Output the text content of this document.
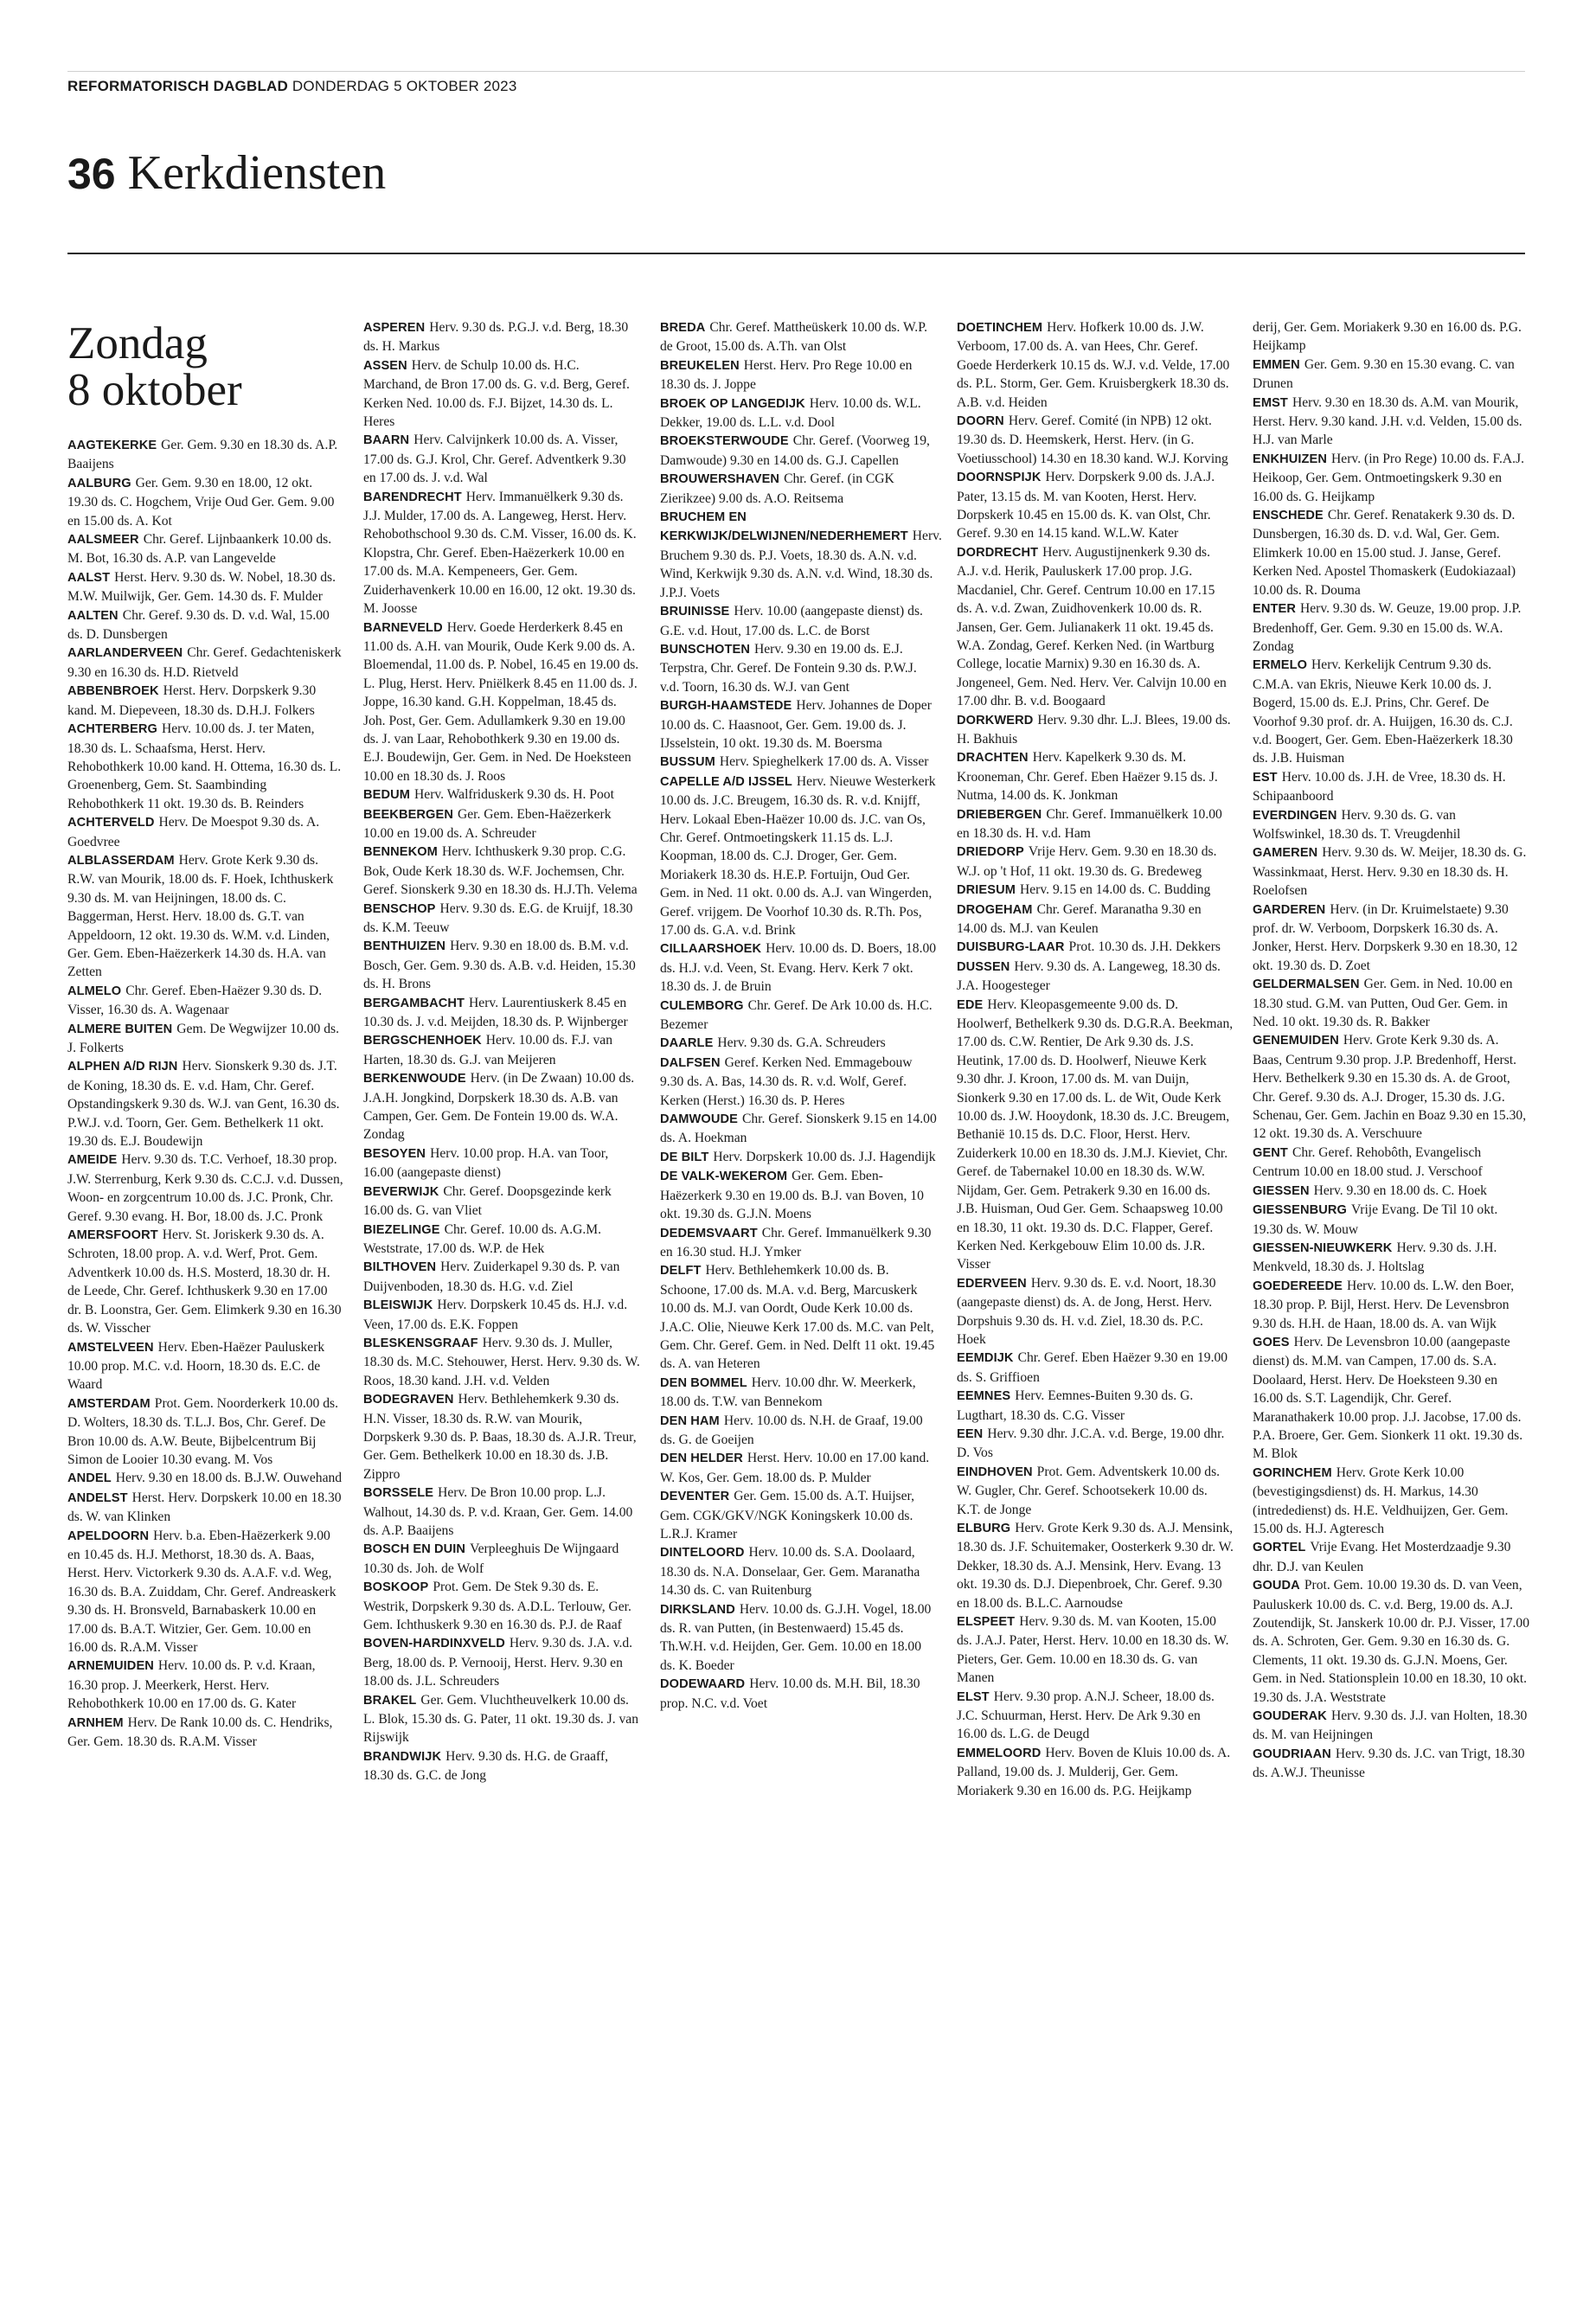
REFORMATORISCH DAGBLAD DONDERDAG 5 OKTOBER 2023
36 Kerkdiensten
Zondag
8 oktober

AAGTEKERKE Ger. Gem. 9.30 en 18.30 ds. A.P. Baaijens

AALBURG Ger. Gem. 9.30 en 18.00, 12 okt. 19.30 ds. C. Hogchem, Vrije Oud Ger. Gem. 9.00 en 15.00 ds. A. Kot

AALSMEER Chr. Geref. Lijnbaankerk 10.00 ds. M. Bot, 16.30 ds. A.P. van Langevelde

AALST Herst. Herv. 9.30 ds. W. Nobel, 18.30 ds. M.W. Muilwijk, Ger. Gem. 14.30 ds. F. Mulder

AALTEN Chr. Geref. 9.30 ds. D. v.d. Wal, 15.00 ds. D. Dunsbergen

AARLANDERVEEN Chr. Geref. Gedachteniskerk 9.30 en 16.30 ds. H.D. Rietveld

ABBENBROEK Herst. Herv. Dorpskerk 9.30 kand. M. Diepeveen, 18.30 ds. D.H.J. Folkers

ACHTERBERG Herv. 10.00 ds. J. ter Maten, 18.30 ds. L. Schaafsma, Herst. Herv. Rehobothkerk 10.00 kand. H. Ottema, 16.30 ds. L. Groenenberg, Gem. St. Saambinding Rehobothkerk 11 okt. 19.30 ds. B. Reinders

ACHTERVELD Herv. De Moespot 9.30 ds. A. Goedvree

ALBLASSERDAM Herv. Grote Kerk 9.30 ds. R.W. van Mourik, 18.00 ds. F. Hoek, Ichthuskerk 9.30 ds. M. van Heijningen, 18.00 ds. C. Baggerman, Herst. Herv. 18.00 ds. G.T. van Appeldoorn, 12 okt. 19.30 ds. W.M. v.d. Linden, Ger. Gem. Eben-Haëzerkerk 14.30 ds. H.A. van Zetten

ALMELO Chr. Geref. Eben-Haëzer 9.30 ds. D. Visser, 16.30 ds. A. Wagenaar

ALMERE BUITEN Gem. De Wegwijzer 10.00 ds. J. Folkerts

ALPHEN A/D RIJN Herv. Sionskerk 9.30 ds. J.T. de Koning, 18.30 ds. E. v.d. Ham, Chr. Geref. Opstandingskerk 9.30 ds. W.J. van Gent, 16.30 ds. P.W.J. v.d. Toorn, Ger. Gem. Bethelkerk 11 okt. 19.30 ds. E.J. Boudewijn

AMEIDE Herv. 9.30 ds. T.C. Verhoef, 18.30 prop. J.W. Sterrenburg, Kerk 9.30 ds. C.C.J. v.d. Dussen, Woon- en zorgcentrum 10.00 ds. J.C. Pronk, Chr. Geref. 9.30 evang. H. Bor, 18.00 ds. J.C. Pronk

AMERSFOORT Herv. St. Joriskerk 9.30 ds. A. Schroten, 18.00 prop. A. v.d. Werf, Prot. Gem. Adventkerk 10.00 ds. H.S. Mosterd, 18.30 dr. H. de Leede, Chr. Geref. Ichthuskerk 9.30 en 17.00 dr. B. Loonstra, Ger. Gem. Elimkerk 9.30 en 16.30 ds. W. Visscher

AMSTELVEEN Herv. Eben-Haëzer Pauluskerk 10.00 prop. M.C. v.d. Hoorn, 18.30 ds. E.C. de Waard

AMSTERDAM Prot. Gem. Noorderkerk 10.00 ds. D. Wolters, 18.30 ds. T.L.J. Bos, Chr. Geref. De Bron 10.00 ds. A.W. Beute, Bijbelcentrum Bij Simon de Looier 10.30 evang. M. Vos

ANDEL Herv. 9.30 en 18.00 ds. B.J.W. Ouwehand

ANDELST Herst. Herv. Dorpskerk 10.00 en 18.30 ds. W. van Klinken

APELDOORN Herv. b.a. Eben-Haëzerkerk 9.00 en 10.45 ds. H.J. Methorst, 18.30 ds. A. Baas, Herst. Herv. Victorkerk 9.30 ds. A.A.F. v.d. Weg, 16.30 ds. B.A. Zuiddam, Chr. Geref. Andreaskerk 9.30 ds. H. Bronsveld, Barnabaskerk 10.00 en 17.00 ds. B.A.T. Witzier, Ger. Gem. 10.00 en 16.00 ds. R.A.M. Visser

ARNEMUIDEN Herv. 10.00 ds. P. v.d. Kraan, 16.30 prop. J. Meerkerk, Herst. Herv. Rehobothkerk 10.00 en 17.00 ds. G. Kater

ARNHEM Herv. De Rank 10.00 ds. C. Hendriks, Ger. Gem. 18.30 ds. R.A.M. Visser

ASPEREN Herv. 9.30 ds. P.G.J. v.d. Berg, 18.30 ds. H. Markus

ASSEN Herv. de Schulp 10.00 ds. H.C. Marchand, de Bron 17.00 ds. G. v.d. Berg, Geref. Kerken Ned. 10.00 ds. F.J. Bijzet, 14.30 ds. L. Heres

BAARN Herv. Calvijnkerk 10.00 ds. A. Visser, 17.00 ds. G.J. Krol, Chr. Geref. Adventkerk 9.30 en 17.00 ds. J. v.d. Wal

BARENDRECHT Herv. Immanuëlkerk 9.30 ds. J.J. Mulder, 17.00 ds. A. Langeweg, Herst. Herv. Rehobothschool 9.30 ds. C.M. Visser, 16.00 ds. K. Klopstra, Chr. Geref. Eben-Haëzerkerk 10.00 en 17.00 ds. M.A. Kempeneers, Ger. Gem. Zuiderhavenkerk 10.00 en 16.00, 12 okt. 19.30 ds. M. Joosse

BARNEVELD Herv. Goede Herderkerk 8.45 en 11.00 ds. A.H. van Mourik, Oude Kerk 9.00 ds. A. Bloemendal, 11.00 ds. P. Nobel, 16.45 en 19.00 ds. L. Plug, Herst. Herv. Pniëlkerk 8.45 en 11.00 ds. J. Joppe, 16.30 kand. G.H. Koppelman, 18.45 ds. Joh. Post, Ger. Gem. Adullamkerk 9.30 en 19.00 ds. J. van Laar, Rehobothkerk 9.30 en 19.00 ds. E.J. Boudewijn, Ger. Gem. in Ned. De Hoeksteen 10.00 en 18.30 ds. J. Roos

BEDUM Herv. Walfriduskerk 9.30 ds. H. Poot

BEEKBERGEN Ger. Gem. Eben-Haëzerkerk 10.00 en 19.00 ds. A. Schreuder

BENNEKOM Herv. Ichthuskerk 9.30 prop. C.G. Bok, Oude Kerk 18.30 ds. W.F. Jochemsen, Chr. Geref. Sionskerk 9.30 en 18.30 ds. H.J.Th. Velema

BENSCHOP Herv. 9.30 ds. E.G. de Kruijf, 18.30 ds. K.M. Teeuw

BENTHUIZEN Herv. 9.30 en 18.00 ds. B.M. v.d. Bosch, Ger. Gem. 9.30 ds. A.B. v.d. Heiden, 15.30 ds. H. Brons

BERGAMBACHT Herv. Laurentiuskerk 8.45 en 10.30 ds. J. v.d. Meijden, 18.30 ds. P. Wijnberger

BERGSCHENHOEK Herv. 10.00 ds. F.J. van Harten, 18.30 ds. G.J. van Meijeren

BERKENWOUDE Herv. (in De Zwaan) 10.00 ds. J.A.H. Jongkind, Dorpskerk 18.30 ds. A.B. van Campen, Ger. Gem. De Fontein 19.00 ds. W.A. Zondag

BESOYEN Herv. 10.00 prop. H.A. van Toor, 16.00 (aangepaste dienst)

BEVERWIJK Chr. Geref. Doopsgezinde kerk 16.00 ds. G. van Vliet

BIEZELINGE Chr. Geref. 10.00 ds. A.G.M. Weststrate, 17.00 ds. W.P. de Hek

BILTHOVEN Herv. Zuiderkapel 9.30 ds. P. van Duijvenboden, 18.30 ds. H.G. v.d. Ziel

BLEISWIJK Herv. Dorpskerk 10.45 ds. H.J. v.d. Veen, 17.00 ds. E.K. Foppen

BLESKENSGRAAF Herv. 9.30 ds. J. Muller, 18.30 ds. M.C. Stehouwer, Herst. Herv. 9.30 ds. W. Roos, 18.30 kand. J.H. v.d. Velden

BODEGRAVEN Herv. Bethlehemkerk 9.30 ds. H.N. Visser, 18.30 ds. R.W. van Mourik, Dorpskerk 9.30 ds. P. Baas, 18.30 ds. A.J.R. Treur, Ger. Gem. Bethelkerk 10.00 en 18.30 ds. J.B. Zippro

BORSSELE Herv. De Bron 10.00 prop. L.J. Walhout, 14.30 ds. P. v.d. Kraan, Ger. Gem. 14.00 ds. A.P. Baaijens

BOSCH EN DUIN Verpleeghuis De Wijngaard 10.30 ds. Joh. de Wolf

BOSKOOP Prot. Gem. De Stek 9.30 ds. E. Westrik, Dorpskerk 9.30 ds. A.D.L. Terlouw, Ger. Gem. Ichthuskerk 9.30 en 16.30 ds. P.J. de Raaf

BOVEN-HARDINXVELD Herv. 9.30 ds. J.A. v.d. Berg, 18.00 ds. P. Vernooij, Herst. Herv. 9.30 en 18.00 ds. J.L. Schreuders

BRAKEL Ger. Gem. Vluchtheuvelkerk 10.00 ds. L. Blok, 15.30 ds. G. Pater, 11 okt. 19.30 ds. J. van Rijswijk

BRANDWIJK Herv. 9.30 ds. H.G. de Graaff, 18.30 ds. G.C. de Jong

BREDA Chr. Geref. Mattheüskerk 10.00 ds. W.P. de Groot, 15.00 ds. A.Th. van Olst

BREUKELEN Herst. Herv. Pro Rege 10.00 en 18.30 ds. J. Joppe

BROEK OP LANGEDIJK Herv. 10.00 ds. W.L. Dekker, 19.00 ds. L.L. v.d. Dool

BROEKSTERWOUDE Chr. Geref. (Voorweg 19, Damwoude) 9.30 en 14.00 ds. G.J. Capellen

BROUWERSHAVEN Chr. Geref. (in CGK Zierikzee) 9.00 ds. A.O. Reitsema

BRUCHEM EN KERKWIJK/DELWIJNEN/NEDERHEMERT Herv. Bruchem 9.30 ds. P.J. Voets, 18.30 ds. A.N. v.d. Wind, Kerkwijk 9.30 ds. A.N. v.d. Wind, 18.30 ds. J.P.J. Voets

BRUINISSE Herv. 10.00 (aangepaste dienst) ds. G.E. v.d. Hout, 17.00 ds. L.C. de Borst

BUNSCHOTEN Herv. 9.30 en 19.00 ds. E.J. Terpstra, Chr. Geref. De Fontein 9.30 ds. P.W.J. v.d. Toorn, 16.30 ds. W.J. van Gent

BURGH-HAAMSTEDE Herv. Johannes de Doper 10.00 ds. C. Haasnoot, Ger. Gem. 19.00 ds. J. IJsselstein, 10 okt. 19.30 ds. M. Boersma

BUSSUM Herv. Spieghelkerk 17.00 ds. A. Visser

CAPELLE A/D IJSSEL Herv. Nieuwe Westerkerk 10.00 ds. J.C. Breugem, 16.30 ds. R. v.d. Knijff, Herv. Lokaal Eben-Haëzer 10.00 ds. J.C. van Os, Chr. Geref. Ontmoetingskerk 11.15 ds. L.J. Koopman, 18.00 ds. C.J. Droger, Ger. Gem. Moriakerk 18.30 ds. H.E.P. Fortuijn, Oud Ger. Gem. in Ned. 11 okt. 0.00 ds. A.J. van Wingerden, Geref. vrijgem. De Voorhof 10.30 ds. R.Th. Pos, 17.00 ds. G.A. v.d. Brink

CILLAARSHOEK Herv. 10.00 ds. D. Boers, 18.00 ds. H.J. v.d. Veen, St. Evang. Herv. Kerk 7 okt. 18.30 ds. J. de Bruin

CULEMBORG Chr. Geref. De Ark 10.00 ds. H.C. Bezemer

DAARLE Herv. 9.30 ds. G.A. Schreuders

DALFSEN Geref. Kerken Ned. Emmagebouw 9.30 ds. A. Bas, 14.30 ds. R. v.d. Wolf, Geref. Kerken (Herst.) 16.30 ds. P. Heres

DAMWOUDE Chr. Geref. Sionskerk 9.15 en 14.00 ds. A. Hoekman

DE BILT Herv. Dorpskerk 10.00 ds. J.J. Hagendijk

DE VALK-WEKEROM Ger. Gem. Eben-Haëzerkerk 9.30 en 19.00 ds. B.J. van Boven, 10 okt. 19.30 ds. G.J.N. Moens

DEDEMSVAART Chr. Geref. Immanuëlkerk 9.30 en 16.30 stud. H.J. Ymker

DELFT Herv. Bethlehemkerk 10.00 ds. B. Schoone, 17.00 ds. M.A. v.d. Berg, Marcuskerk 10.00 ds. M.J. van Oordt, Oude Kerk 10.00 ds. J.A.C. Olie, Nieuwe Kerk 17.00 ds. M.C. van Pelt, Gem. Chr. Geref. Gem. in Ned. Delft 11 okt. 19.45 ds. A. van Heteren

DEN BOMMEL Herv. 10.00 dhr. W. Meerkerk, 18.00 ds. T.W. van Bennekom

DEN HAM Herv. 10.00 ds. N.H. de Graaf, 19.00 ds. G. de Goeijen

DEN HELDER Herst. Herv. 10.00 en 17.00 kand. W. Kos, Ger. Gem. 18.00 ds. P. Mulder

DEVENTER Ger. Gem. 15.00 ds. A.T. Huijser, Gem. CGK/GKV/NGK Koningskerk 10.00 ds. L.R.J. Kramer

DINTELOORD Herv. 10.00 ds. S.A. Doolaard, 18.30 ds. N.A. Donselaar, Ger. Gem. Maranatha 14.30 ds. C. van Ruitenburg

DIRKSLAND Herv. 10.00 ds. G.J.H. Vogel, 18.00 ds. R. van Putten, (in Bestenwaerd) 15.45 ds. Th.W.H. v.d. Heijden, Ger. Gem. 10.00 en 18.00 ds. K. Boeder

DODEWAARD Herv. 10.00 ds. M.H. Bil, 18.30 prop. N.C. v.d. Voet

DOETINCHEM Herv. Hofkerk 10.00 ds. J.W. Verboom, 17.00 ds. A. van Hees, Chr. Geref. Goede Herderkerk 10.15 ds. W.J. v.d. Velde, 17.00 ds. P.L. Storm, Ger. Gem. Kruisbergkerk 18.30 ds. A.B. v.d. Heiden

DOORN Herv. Geref. Comité (in NPB) 12 okt. 19.30 ds. D. Heemskerk, Herst. Herv. (in G. Voetiusschool) 14.30 en 18.30 kand. W.J. Korving

DOORNSPIJK Herv. Dorpskerk 9.00 ds. J.A.J. Pater, 13.15 ds. M. van Kooten, Herst. Herv. Dorpskerk 10.45 en 15.00 ds. K. van Olst, Chr. Geref. 9.30 en 14.15 kand. W.L.W. Kater

DORDRECHT Herv. Augustijnenkerk 9.30 ds. A.J. v.d. Herik, Pauluskerk 17.00 prop. J.G. Macdaniel, Chr. Geref. Centrum 10.00 en 17.15 ds. A. v.d. Zwan, Zuidhovenkerk 10.00 ds. R. Jansen, Ger. Gem. Julianakerk 11 okt. 19.45 ds. W.A. Zondag, Geref. Kerken Ned. (in Wartburg College, locatie Marnix) 9.30 en 16.30 ds. A. Jongeneel, Gem. Ned. Herv. Ver. Calvijn 10.00 en 17.00 dhr. B. v.d. Boogaard

DORKWERD Herv. 9.30 dhr. L.J. Blees, 19.00 ds. H. Bakhuis

DRACHTEN Herv. Kapelkerk 9.30 ds. M. Krooneman, Chr. Geref. Eben Haëzer 9.15 ds. J. Nutma, 14.00 ds. K. Jonkman

DRIEBERGEN Chr. Geref. Immanuëlkerk 10.00 en 18.30 ds. H. v.d. Ham

DRIEDORP Vrije Herv. Gem. 9.30 en 18.30 ds. W.J. op 't Hof, 11 okt. 19.30 ds. G. Bredeweg

DRIESUM Herv. 9.15 en 14.00 ds. C. Budding

DROGEHAM Chr. Geref. Maranatha 9.30 en 14.00 ds. M.J. van Keulen

DUISBURG-LAAR Prot. 10.30 ds. J.H. Dekkers

DUSSEN Herv. 9.30 ds. A. Langeweg, 18.30 ds. J.A. Hoogesteger

EDE Herv. Kleopasgemeente 9.00 ds. D. Hoolwerf, Bethelkerk 9.30 ds. D.G.R.A. Beekman, 17.00 ds. C.W. Rentier, De Ark 9.30 ds. J.S. Heutink, 17.00 ds. D. Hoolwerf, Nieuwe Kerk 9.30 dhr. J. Kroon, 17.00 ds. M. van Duijn, Sionkerk 9.30 en 17.00 ds. L. de Wit, Oude Kerk 10.00 ds. J.W. Hooydonk, 18.30 ds. J.C. Breugem, Bethanië 10.15 ds. D.C. Floor, Herst. Herv. Zuiderkerk 10.00 en 18.30 ds. J.M.J. Kieviet, Chr. Geref. de Tabernakel 10.00 en 18.30 ds. W.W. Nijdam, Ger. Gem. Petrakerk 9.30 en 16.00 ds. J.B. Huisman, Oud Ger. Gem. Schaapsweg 10.00 en 18.30, 11 okt. 19.30 ds. D.C. Flapper, Geref. Kerken Ned. Kerkgebouw Elim 10.00 ds. J.R. Visser

EDERVEEN Herv. 9.30 ds. E. v.d. Noort, 18.30 (aangepaste dienst) ds. A. de Jong, Herst. Herv. Dorpshuis 9.30 ds. H. v.d. Ziel, 18.30 ds. P.C. Hoek

EEMDIJK Chr. Geref. Eben Haëzer 9.30 en 19.00 ds. S. Griffioen

EEMNES Herv. Eemnes-Buiten 9.30 ds. G. Lugthart, 18.30 ds. C.G. Visser

EEN Herv. 9.30 dhr. J.C.A. v.d. Berge, 19.00 dhr. D. Vos

EINDHOVEN Prot. Gem. Adventskerk 10.00 ds. W. Gugler, Chr. Geref. Schootsekerk 10.00 ds. K.T. de Jonge

ELBURG Herv. Grote Kerk 9.30 ds. A.J. Mensink, 18.30 ds. J.F. Schuitemaker, Oosterkerk 9.30 dr. W. Dekker, 18.30 ds. A.J. Mensink, Herv. Evang. 13 okt. 19.30 ds. D.J. Diepenbroek, Chr. Geref. 9.30 en 18.00 ds. B.L.C. Aarnoudse

ELSPEET Herv. 9.30 ds. M. van Kooten, 15.00 ds. J.A.J. Pater, Herst. Herv. 10.00 en 18.30 ds. W. Pieters, Ger. Gem. 10.00 en 18.30 ds. G. van Manen

ELST Herv. 9.30 prop. A.N.J. Scheer, 18.00 ds. J.C. Schuurman, Herst. Herv. De Ark 9.30 en 16.00 ds. L.G. de Deugd

EMMELOORD Herv. Boven de Kluis 10.00 ds. A. Palland, 19.00 ds. J. Mulderij, Ger. Gem. Moriakerk 9.30 en 16.00 ds. P.G. Heijkamp

derij, Ger. Gem. Moriakerk 9.30 en 16.00 ds. P.G. Heijkamp

EMMEN Ger. Gem. 9.30 en 15.30 evang. C. van Drunen

EMST Herv. 9.30 en 18.30 ds. A.M. van Mourik, Herst. Herv. 9.30 kand. J.H. v.d. Velden, 15.00 ds. H.J. van Marle

ENKHUIZEN Herv. (in Pro Rege) 10.00 ds. F.A.J. Heikoop, Ger. Gem. Ontmoetingskerk 9.30 en 16.00 ds. G. Heijkamp

ENSCHEDE Chr. Geref. Renatakerk 9.30 ds. D. Dunsbergen, 16.30 ds. D. v.d. Wal, Ger. Gem. Elimkerk 10.00 en 15.00 stud. J. Janse, Geref. Kerken Ned. Apostel Thomaskerk (Eudokiazaal) 10.00 ds. R. Douma

ENTER Herv. 9.30 ds. W. Geuze, 19.00 prop. J.P. Bredenhoff, Ger. Gem. 9.30 en 15.00 ds. W.A. Zondag

ERMELO Herv. Kerkelijk Centrum 9.30 ds. C.M.A. van Ekris, Nieuwe Kerk 10.00 ds. J. Bogerd, 15.00 ds. E.J. Prins, Chr. Geref. De Voorhof 9.30 prof. dr. A. Huijgen, 16.30 ds. C.J. v.d. Boogert, Ger. Gem. Eben-Haëzerkerk 18.30 ds. J.B. Huisman

EST Herv. 10.00 ds. J.H. de Vree, 18.30 ds. H. Schipaanboord

EVERDINGEN Herv. 9.30 ds. G. van Wolfswinkel, 18.30 ds. T. Vreugdenhil

GAMEREN Herv. 9.30 ds. W. Meijer, 18.30 ds. G. Wassinkmaat, Herst. Herv. 9.30 en 18.30 ds. H. Roelofsen

GARDEREN Herv. (in Dr. Kruimelstaete) 9.30 prof. dr. W. Verboom, Dorpskerk 16.30 ds. A. Jonker, Herst. Herv. Dorpskerk 9.30 en 18.30, 12 okt. 19.30 ds. D. Zoet

GELDERMALSEN Ger. Gem. in Ned. 10.00 en 18.30 stud. G.M. van Putten, Oud Ger. Gem. in Ned. 10 okt. 19.30 ds. R. Bakker

GENEMUIDEN Herv. Grote Kerk 9.30 ds. A. Baas, Centrum 9.30 prop. J.P. Bredenhoff, Herst. Herv. Bethelkerk 9.30 en 15.30 ds. A. de Groot, Chr. Geref. 9.30 ds. A.J. Droger, 15.30 ds. J.G. Schenau, Ger. Gem. Jachin en Boaz 9.30 en 15.30, 12 okt. 19.30 ds. A. Verschuure

GENT Chr. Geref. Rehobôth, Evangelisch Centrum 10.00 en 18.00 stud. J. Verschoof

GIESSEN Herv. 9.30 en 18.00 ds. C. Hoek

GIESSENBURG Vrije Evang. De Til 10 okt. 19.30 ds. W. Mouw

GIESSEN-NIEUWKERK Herv. 9.30 ds. J.H. Menkveld, 18.30 ds. J. Holtslag

GOEDEREEDE Herv. 10.00 ds. L.W. den Boer, 18.30 prop. P. Bijl, Herst. Herv. De Levensbron 9.30 ds. H.H. de Haan, 18.00 ds. A. van Wijk

GOES Herv. De Levensbron 10.00 (aangepaste dienst) ds. M.M. van Campen, 17.00 ds. S.A. Doolaard, Herst. Herv. De Hoeksteen 9.30 en 16.00 ds. S.T. Lagendijk, Chr. Geref. Maranathakerk 10.00 prop. J.J. Jacobse, 17.00 ds. P.A. Broere, Ger. Gem. Sionkerk 11 okt. 19.30 ds. M. Blok

GORINCHEM Herv. Grote Kerk 10.00 (bevestigingsdienst) ds. H. Markus, 14.30 (intrededienst) ds. H.E. Veldhuijzen, Ger. Gem. 15.00 ds. H.J. Agteresch

GORTEL Vrije Evang. Het Mosterdzaadje 9.30 dhr. D.J. van Keulen

GOUDA Prot. Gem. 10.00 19.30 ds. D. van Veen, Pauluskerk 10.00 ds. C. v.d. Berg, 19.00 ds. A.J. Zoutendijk, St. Janskerk 10.00 dr. P.J. Visser, 17.00 ds. A. Schroten, Ger. Gem. 9.30 en 16.30 ds. G. Clements, 11 okt. 19.30 ds. G.J.N. Moens, Ger. Gem. in Ned. Stationsplein 10.00 en 18.30, 10 okt. 19.30 ds. J.A. Weststrate

GOUDERAK Herv. 9.30 ds. J.J. van Holten, 18.30 ds. M. van Heijningen

GOUDRIAAN Herv. 9.30 ds. J.C. van Trigt, 18.30 ds. A.W.J. Theunisse
